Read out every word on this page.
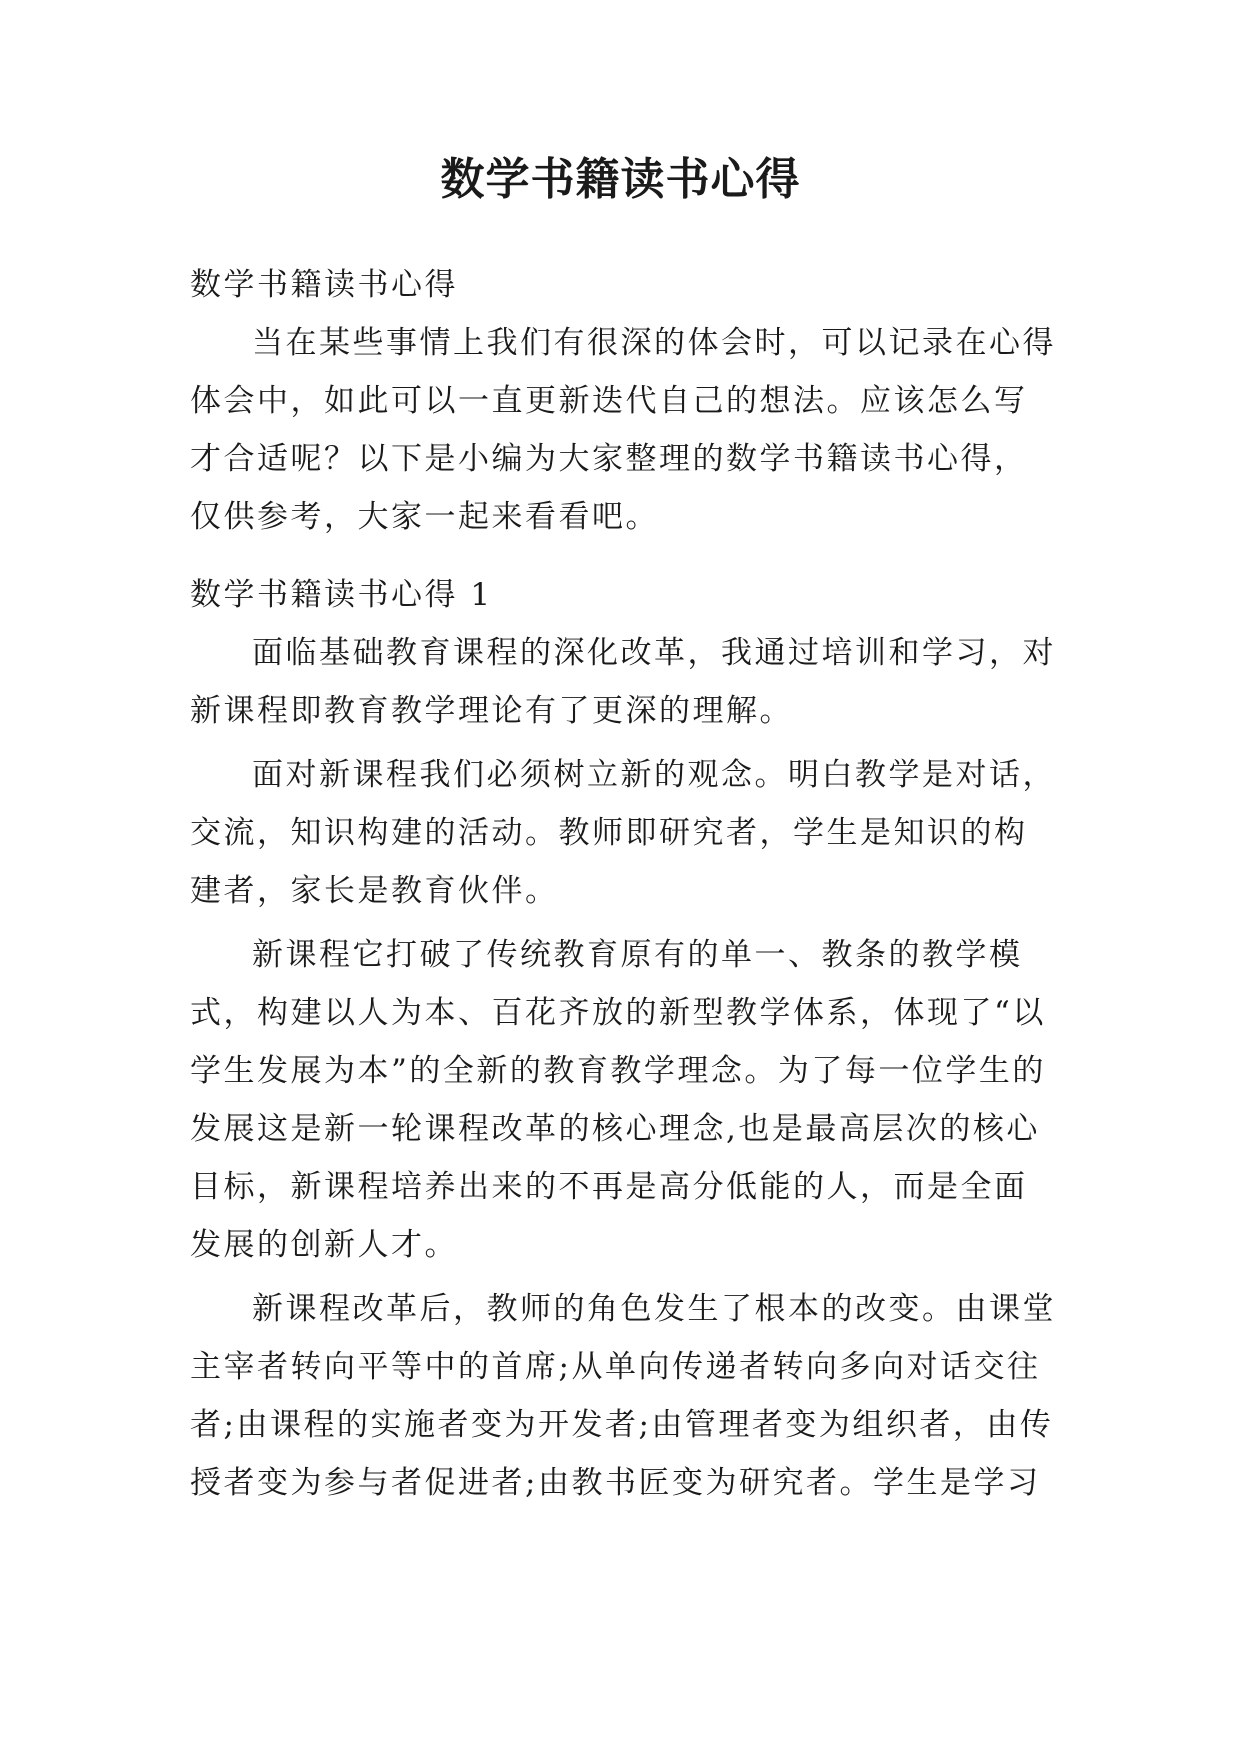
数学书籍读书心得

数学书籍读书心得

当在某些事情上我们有很深的体会时，可以记录在心得体会中，如此可以一直更新迭代自己的想法。应该怎么写才合适呢？以下是小编为大家整理的数学书籍读书心得，仅供参考，大家一起来看看吧。

数学书籍读书心得 1

面临基础教育课程的深化改革，我通过培训和学习，对新课程即教育教学理论有了更深的理解。

面对新课程我们必须树立新的观念。明白教学是对话，交流，知识构建的活动。教师即研究者，学生是知识的构建者，家长是教育伙伴。

新课程它打破了传统教育原有的单一、教条的教学模式，构建以人为本、百花齐放的新型教学体系，体现了“以学生发展为本”的全新的教育教学理念。为了每一位学生的发展这是新一轮课程改革的核心理念,也是最高层次的核心目标，新课程培养出来的不再是高分低能的人，而是全面发展的创新人才。

新课程改革后，教师的角色发生了根本的改变。由课堂主宰者转向平等中的首席;从单向传递者转向多向对话交往者;由课程的实施者变为开发者;由管理者变为组织者，由传授者变为参与者促进者;由教书匠变为研究者。学生是学习
